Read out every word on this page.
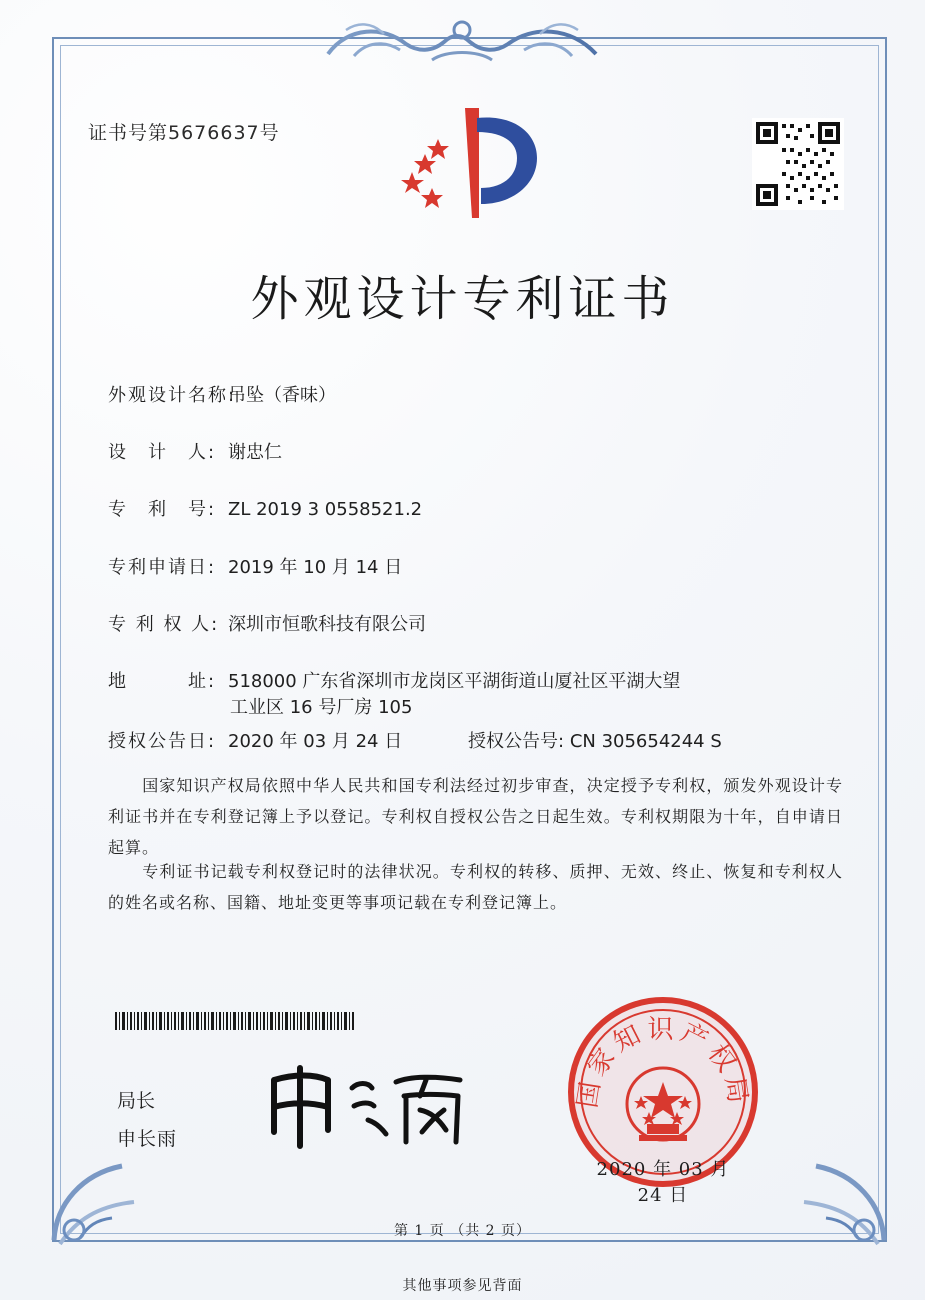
证书号第5676637号
外观设计专利证书
外观设计名称:吊坠（香味）
设　计　人: 谢忠仁
专　利　号: ZL 2019 3 0558521.2
专利申请日: 2019 年 10 月 14 日
专 利 权 人: 深圳市恒歌科技有限公司
地　　　址: 518000 广东省深圳市龙岗区平湖街道山厦社区平湖大望
工业区 16 号厂房 105
授权公告日: 2020 年 03 月 24 日	授权公告号: CN 305654244 S
　　国家知识产权局依照中华人民共和国专利法经过初步审查，决定授予专利权，颁发外观设计专利证书并在专利登记簿上予以登记。专利权自授权公告之日起生效。专利权期限为十年，自申请日起算。
　　专利证书记载专利权登记时的法律状况。专利权的转移、质押、无效、终止、恢复和专利权人的姓名或名称、国籍、地址变更等事项记载在专利登记簿上。
局长
申长雨
国家知识产权局
2020 年 03 月 24 日
第 1 页 （共 2 页）
其他事项参见背面
